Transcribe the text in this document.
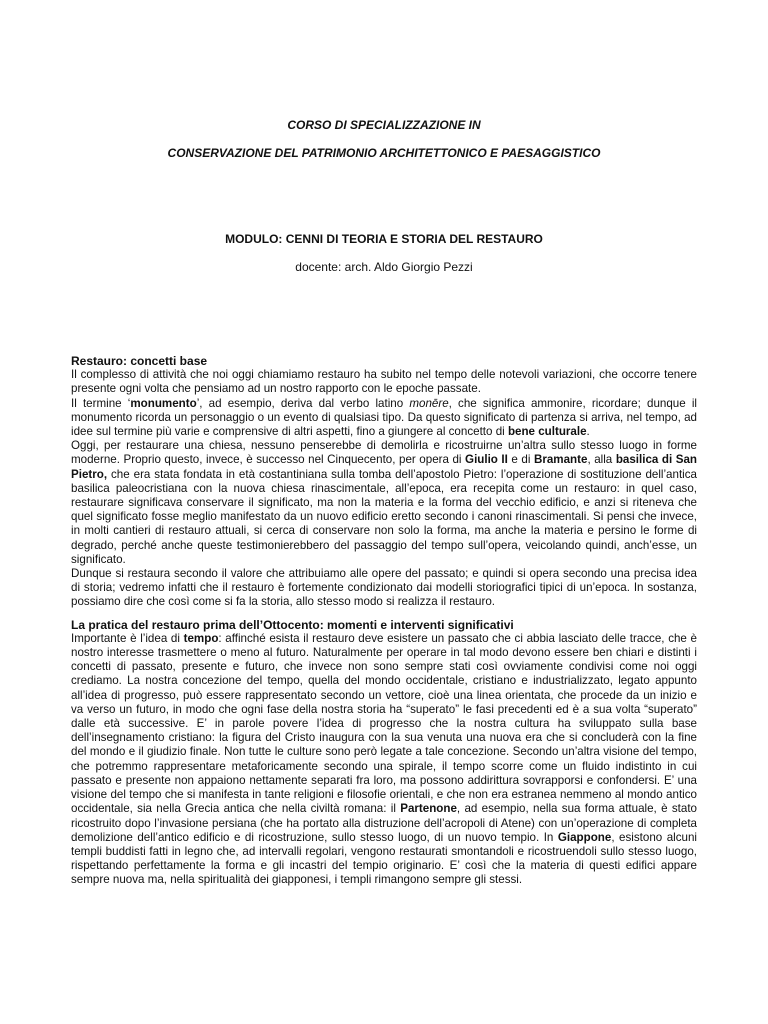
CORSO DI SPECIALIZZAZIONE IN
CONSERVAZIONE DEL PATRIMONIO ARCHITETTONICO E PAESAGGISTICO
MODULO: CENNI DI TEORIA E STORIA DEL RESTAURO
docente: arch. Aldo Giorgio Pezzi
Restauro: concetti base

Il complesso di attività che noi oggi chiamiamo restauro ha subito nel tempo delle notevoli variazioni, che occorre tenere presente ogni volta che pensiamo ad un nostro rapporto con le epoche passate.

Il termine ‘monumento’, ad esempio, deriva dal verbo latino monēre, che significa ammonire, ricordare; dunque il monumento ricorda un personaggio o un evento di qualsiasi tipo. Da questo significato di partenza si arriva, nel tempo, ad idee sul termine più varie e comprensive di altri aspetti, fino a giungere al concetto di bene culturale.

Oggi, per restaurare una chiesa, nessuno penserebbe di demolirla e ricostruirne un’altra sullo stesso luogo in forme moderne. Proprio questo, invece, è successo nel Cinquecento, per opera di Giulio II e di Bramante, alla basilica di San Pietro, che era stata fondata in età costantiniana sulla tomba dell’apostolo Pietro: l’operazione di sostituzione dell’antica basilica paleocristiana con la nuova chiesa rinascimentale, all’epoca, era recepita come un restauro: in quel caso, restaurare significava conservare il significato, ma non la materia e la forma del vecchio edificio, e anzi si riteneva che quel significato fosse meglio manifestato da un nuovo edificio eretto secondo i canoni rinascimentali. Si pensi che invece, in molti cantieri di restauro attuali, si cerca di conservare non solo la forma, ma anche la materia e persino le forme di degrado, perché anche queste testimonierebbero del passaggio del tempo sull’opera, veicolando quindi, anch’esse, un significato.

Dunque si restaura secondo il valore che attribuiamo alle opere del passato; e quindi si opera secondo una precisa idea di storia; vedremo infatti che il restauro è fortemente condizionato dai modelli storiografici tipici di un’epoca. In sostanza, possiamo dire che così come si fa la storia, allo stesso modo si realizza il restauro.

La pratica del restauro prima dell’Ottocento: momenti e interventi significativi

Importante è l’idea di tempo: affinché esista il restauro deve esistere un passato che ci abbia lasciato delle tracce, che è nostro interesse trasmettere o meno al futuro. Naturalmente per operare in tal modo devono essere ben chiari e distinti i concetti di passato, presente e futuro, che invece non sono sempre stati così ovviamente condivisi come noi oggi crediamo. La nostra concezione del tempo, quella del mondo occidentale, cristiano e industrializzato, legato appunto all’idea di progresso, può essere rappresentato secondo un vettore, cioè una linea orientata, che procede da un inizio e va verso un futuro, in modo che ogni fase della nostra storia ha “superato” le fasi precedenti ed è a sua volta “superato” dalle età successive. E’ in parole povere l’idea di progresso che la nostra cultura ha sviluppato sulla base dell’insegnamento cristiano: la figura del Cristo inaugura con la sua venuta una nuova era che si concluderà con la fine del mondo e il giudizio finale. Non tutte le culture sono però legate a tale concezione. Secondo un’altra visione del tempo, che potremmo rappresentare metaforicamente secondo una spirale, il tempo scorre come un fluido indistinto in cui passato e presente non appaiono nettamente separati fra loro, ma possono addirittura sovrapporsi e confondersi. E’ una visione del tempo che si manifesta in tante religioni e filosofie orientali, e che non era estranea nemmeno al mondo antico occidentale, sia nella Grecia antica che nella civiltà romana: il Partenone, ad esempio, nella sua forma attuale, è stato ricostruito dopo l’invasione persiana (che ha portato alla distruzione dell’acropoli di Atene) con un’operazione di completa demolizione dell’antico edificio e di ricostruzione, sullo stesso luogo, di un nuovo tempio. In Giappone, esistono alcuni templi buddisti fatti in legno che, ad intervalli regolari, vengono restaurati smontandoli e ricostruendoli sullo stesso luogo, rispettando perfettamente la forma e gli incastri del tempio originario. E’ così che la materia di questi edifici appare sempre nuova ma, nella spiritualità dei giapponesi, i templi rimangono sempre gli stessi.
